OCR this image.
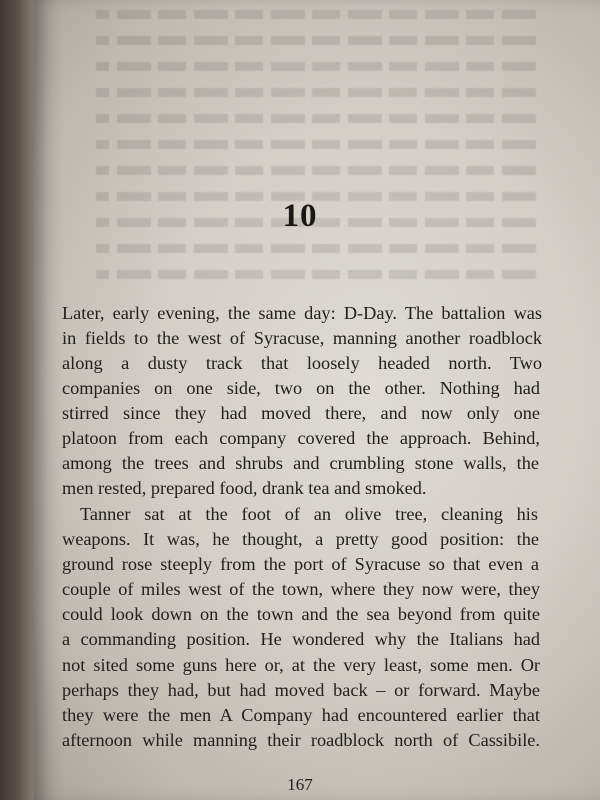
10
Later, early evening, the same day: D-Day. The battalion was
in fields to the west of Syracuse, manning another roadblock
along a dusty track that loosely headed north. Two
companies on one side, two on the other. Nothing had
stirred since they had moved there, and now only one
platoon from each company covered the approach. Behind,
among the trees and shrubs and crumbling stone walls, the
men rested, prepared food, drank tea and smoked.
Tanner sat at the foot of an olive tree, cleaning his
weapons. It was, he thought, a pretty good position: the
ground rose steeply from the port of Syracuse so that even a
couple of miles west of the town, where they now were, they
could look down on the town and the sea beyond from quite
a commanding position. He wondered why the Italians had
not sited some guns here or, at the very least, some men. Or
perhaps they had, but had moved back – or forward. Maybe
they were the men A Company had encountered earlier that
afternoon while manning their roadblock north of Cassibile.
167
